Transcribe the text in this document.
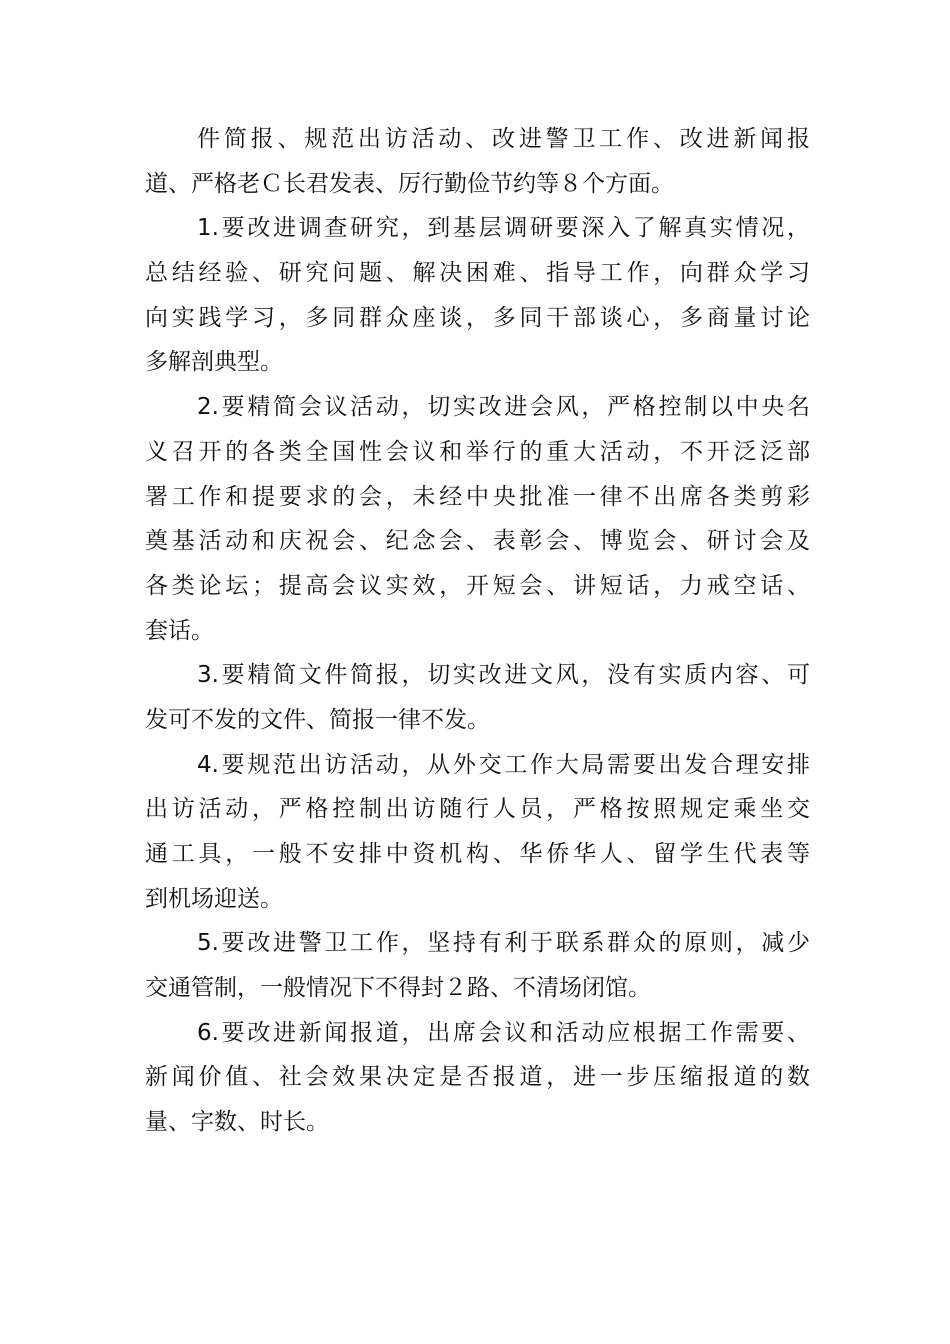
件简报、规范出访活动、改进警卫工作、改进新闻报
道、严格老Ｃ长君发表、厉行勤俭节约等８个方面。
1.要改进调查研究，到基层调研要深入了解真实情况，
总结经验、研究问题、解决困难、指导工作，向群众学习
向实践学习，多同群众座谈，多同干部谈心，多商量讨论
多解剖典型。
2.要精简会议活动，切实改进会风，严格控制以中央名
义召开的各类全国性会议和举行的重大活动，不开泛泛部
署工作和提要求的会，未经中央批准一律不出席各类剪彩
奠基活动和庆祝会、纪念会、表彰会、博览会、研讨会及
各类论坛；提高会议实效，开短会、讲短话，力戒空话、
套话。
3.要精简文件简报，切实改进文风，没有实质内容、可
发可不发的文件、简报一律不发。
4.要规范出访活动，从外交工作大局需要出发合理安排
出访活动，严格控制出访随行人员，严格按照规定乘坐交
通工具，一般不安排中资机构、华侨华人、留学生代表等
到机场迎送。
5.要改进警卫工作，坚持有利于联系群众的原则，减少
交通管制，一般情况下不得封２路、不清场闭馆。
6.要改进新闻报道，出席会议和活动应根据工作需要、
新闻价值、社会效果决定是否报道，进一步压缩报道的数
量、字数、时长。
